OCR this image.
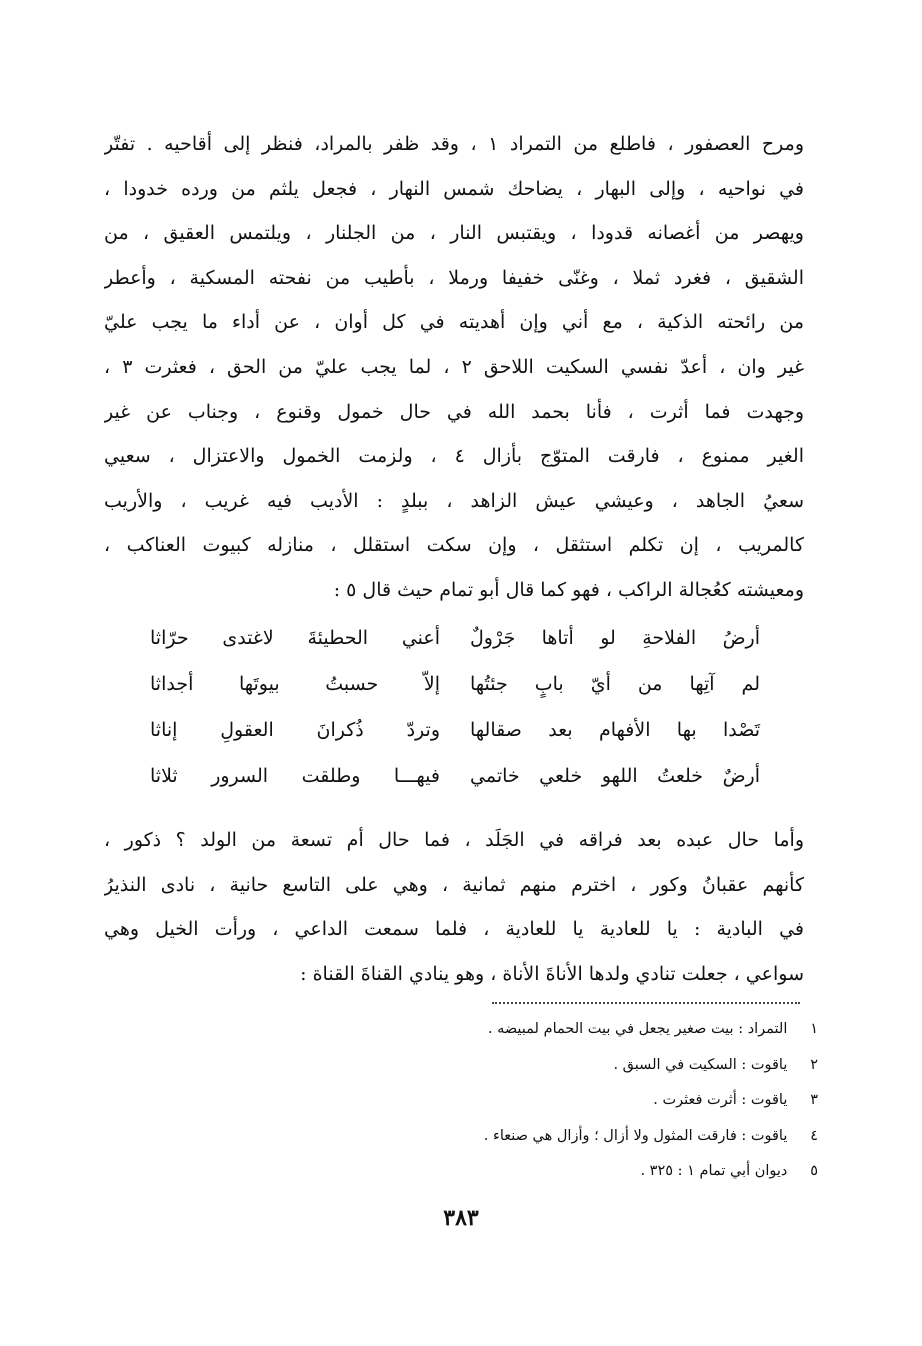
ومرح العصفور ، فاطلع من التمراد ١ ، وقد ظفر بالمراد، فنظر إلى أقاحيه . تفتّر
في نواحيه ، وإلى البهار ، يضاحك شمس النهار ، فجعل يلثم من ورده خدودا ،
ويهصر من أغصانه قدودا ، ويقتبس النار ، من الجلنار ، ويلتمس العقيق ، من
الشقيق ، فغرد ثملا ، وغنّى خفيفا ورملا ، بأطيب من نفحته المسكية ، وأعطر
من رائحته الذكية ، مع أني وإن أهديته في كل أوان ، عن أداء ما يجب عليّ
غير وان ، أعدّ نفسي السكيت اللاحق ٢ ، لما يجب عليّ من الحق ، فعثرت ٣ ،
وجهدت فما أثرت ، فأنا بحمد الله في حال خمول وقنوع ، وجناب عن غير
الغير ممنوع ، فارقت المتوّج بأزال ٤ ، ولزمت الخمول والاعتزال ، سعيي
سعيُ الجاهد ، وعيشي عيش الزاهد ، ببلدٍ : الأديب فيه غريب ، والأريب
كالمريب ، إن تكلم استثقل ، وإن سكت استقلل ، منازله كبيوت العناكب ،
ومعيشته كعُجالة الراكب ، فهو كما قال أبو تمام حيث قال ٥ :
أرضُ الفلاحةِ لو أتاها جَرْولٌ
أعني الحطيئةَ لاغتدى حرّاثا
لم آتِها من أيّ بابٍ جئتُها
إلاّ حسبتُ بيوتَها أجداثا
تَصْدا بها الأفهام بعد صقالها
وتردّ ذُكرانَ العقولِ إناثا
أرضٌ خلعتُ اللهو خلعي خاتمي
فيهـــا وطلقت السرور ثلاثا
وأما حال عبده بعد فراقه في الجَلَد ، فما حال أم تسعة من الولد ؟ ذكور ،
كأنهم عقبانُ وكور ، اخترم منهم ثمانية ، وهي على التاسع حانية ، نادى النذيرُ
في البادية : يا للعادية يا للعادية ، فلما سمعت الداعي ، ورأت الخيل وهي
سواعي ، جعلت تنادي ولدها الأناةَ الأناة ، وهو ينادي القناةَ القناة :
١ التمراد : بيت صغير يجعل في بيت الحمام لمبيضه .
٢ ياقوت : السكيت في السبق .
٣ ياقوت : أثرت فعثرت .
٤ ياقوت : فارقت المثول ولا أزال ؛ وأزال هي صنعاء .
٥ ديوان أبي تمام ١ : ٣٢٥ .
٣٨٣
